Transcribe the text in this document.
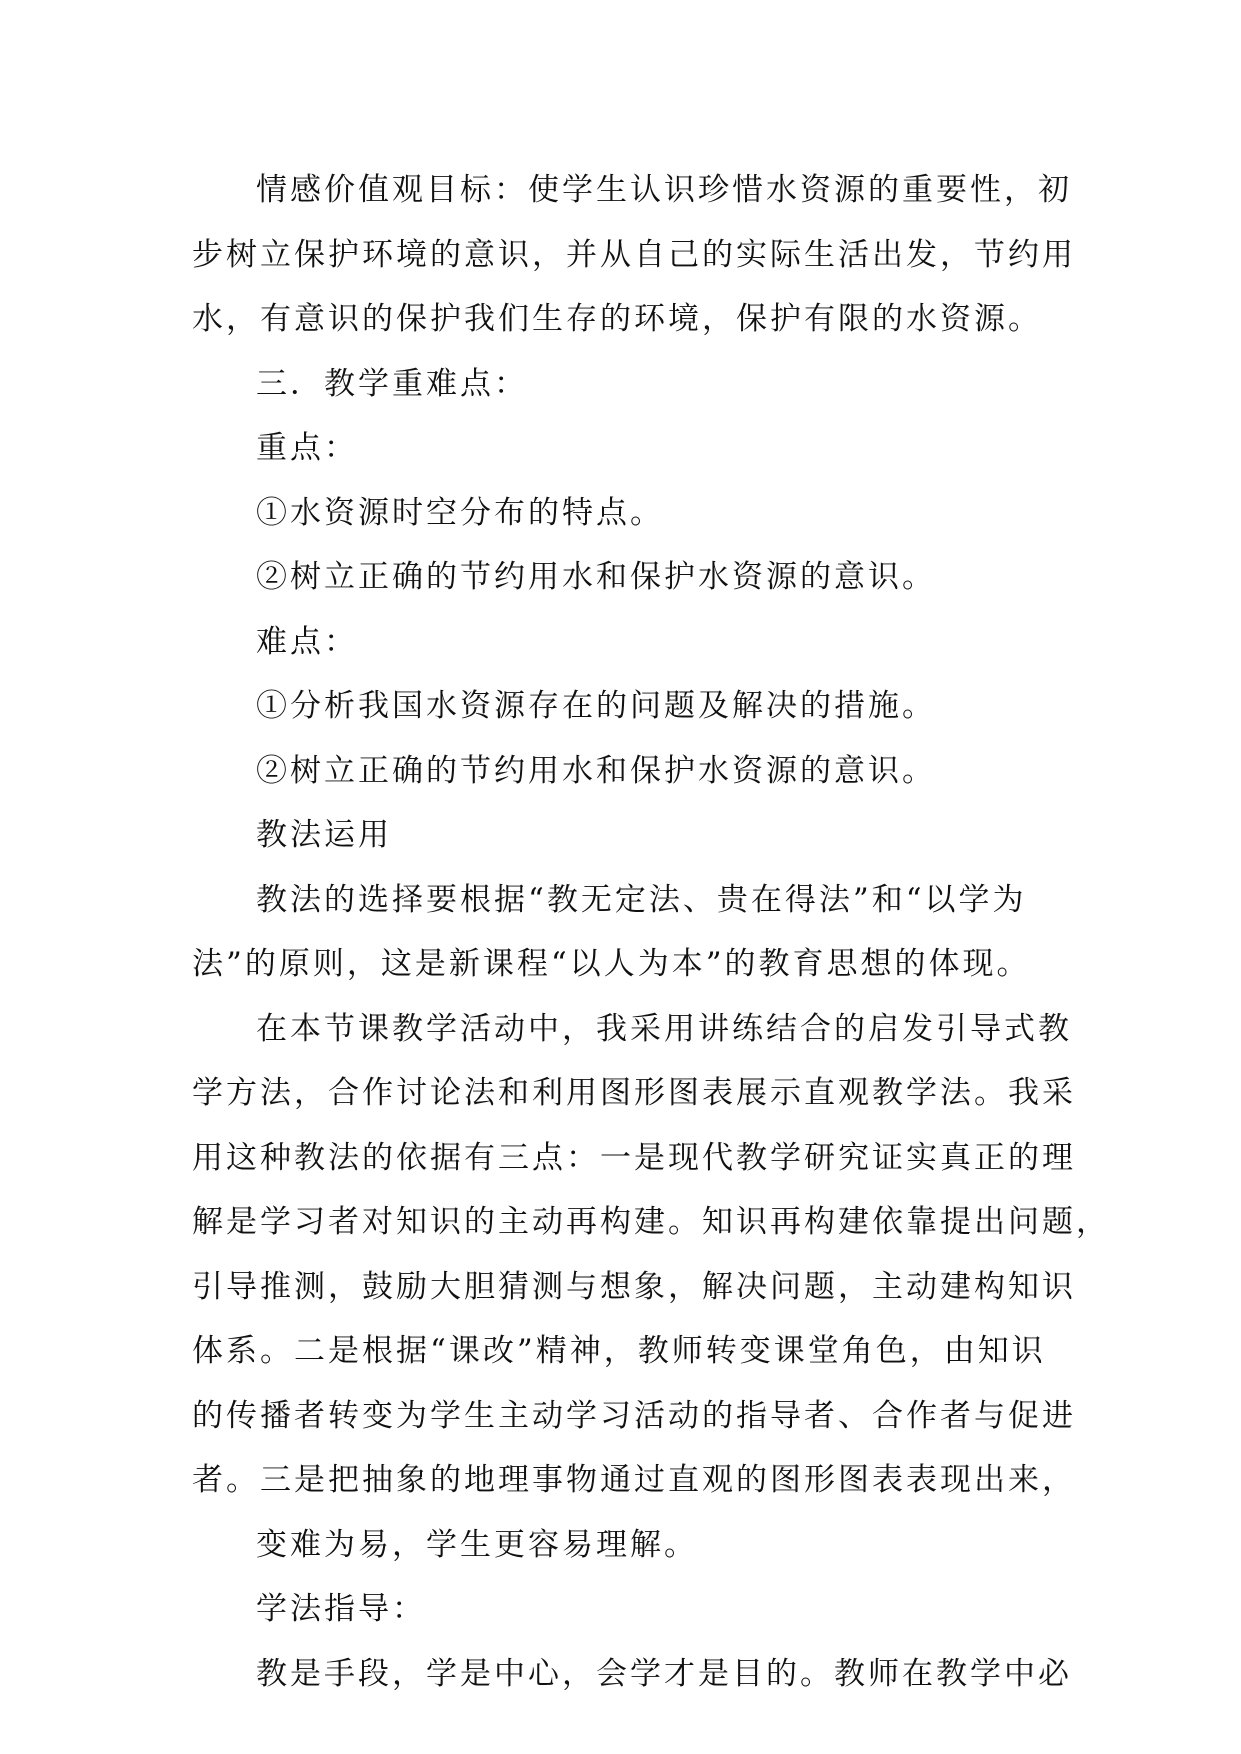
情感价值观目标：使学生认识珍惜水资源的重要性，初

步树立保护环境的意识，并从自己的实际生活出发，节约用

水，有意识的保护我们生存的环境，保护有限的水资源。

三．教学重难点：

重点：

①水资源时空分布的特点。

②树立正确的节约用水和保护水资源的意识。

难点：

①分析我国水资源存在的问题及解决的措施。

②树立正确的节约用水和保护水资源的意识。

教法运用

教法的选择要根据“教无定法、贵在得法”和“以学为

法”的原则，这是新课程“以人为本”的教育思想的体现。

在本节课教学活动中，我采用讲练结合的启发引导式教

学方法，合作讨论法和利用图形图表展示直观教学法。我采

用这种教法的依据有三点：一是现代教学研究证实真正的理

解是学习者对知识的主动再构建。知识再构建依靠提出问题，

引导推测，鼓励大胆猜测与想象，解决问题，主动建构知识

体系。二是根据“课改”精神，教师转变课堂角色，由知识

的传播者转变为学生主动学习活动的指导者、合作者与促进

者。三是把抽象的地理事物通过直观的图形图表表现出来，

变难为易，学生更容易理解。

学法指导：

教是手段，学是中心，会学才是目的。教师在教学中必
